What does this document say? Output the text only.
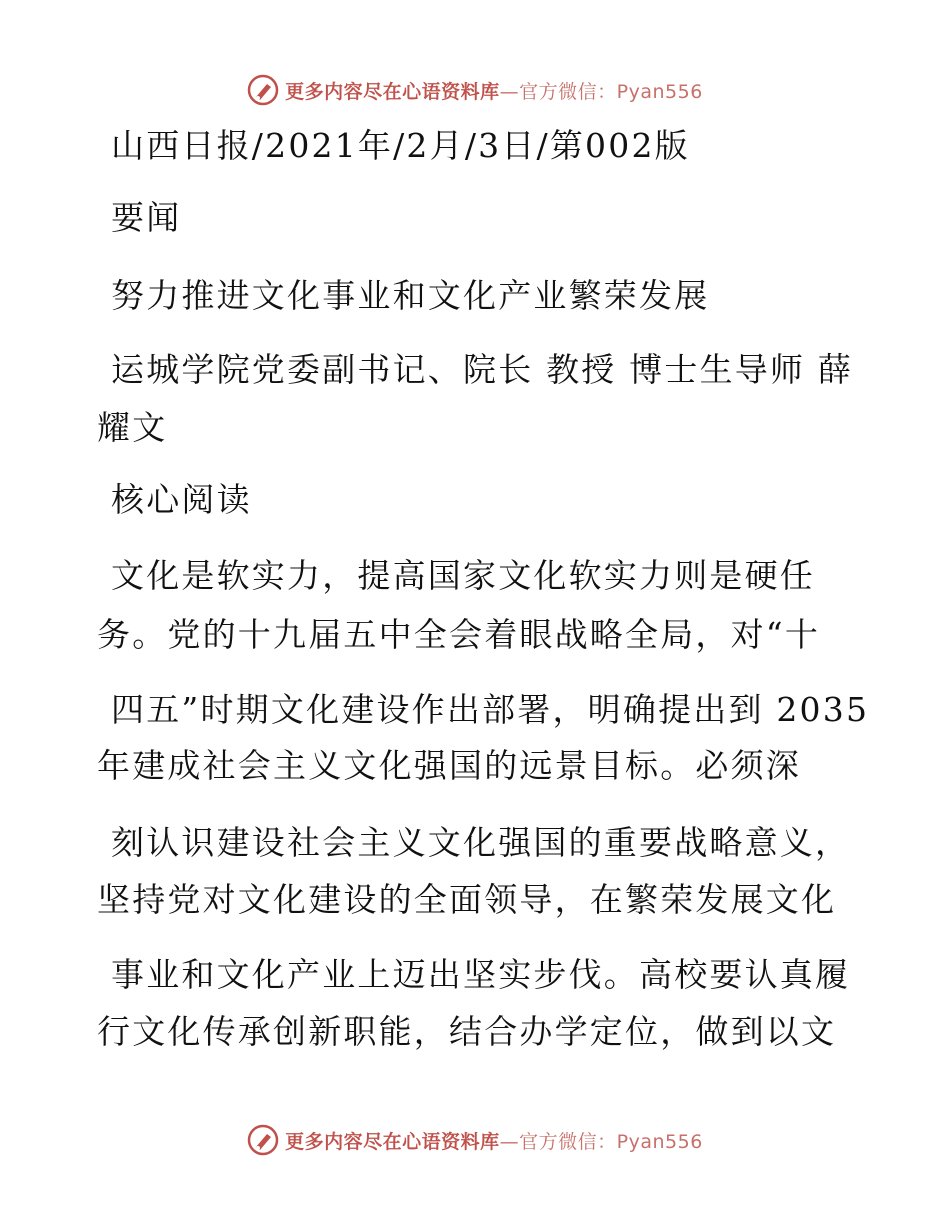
更多内容尽在心语资料库—官方微信：Pyan556
山西日报/2021年/2月/3日/第002版
要闻
努力推进文化事业和文化产业繁荣发展
运城学院党委副书记、院长 教授 博士生导师 薛
耀文
核心阅读
文化是软实力，提高国家文化软实力则是硬任
务。党的十九届五中全会着眼战略全局，对“十
四五”时期文化建设作出部署，明确提出到 2035
年建成社会主义文化强国的远景目标。必须深
刻认识建设社会主义文化强国的重要战略意义，
坚持党对文化建设的全面领导，在繁荣发展文化
事业和文化产业上迈出坚实步伐。高校要认真履
行文化传承创新职能，结合办学定位，做到以文
更多内容尽在心语资料库—官方微信：Pyan556
